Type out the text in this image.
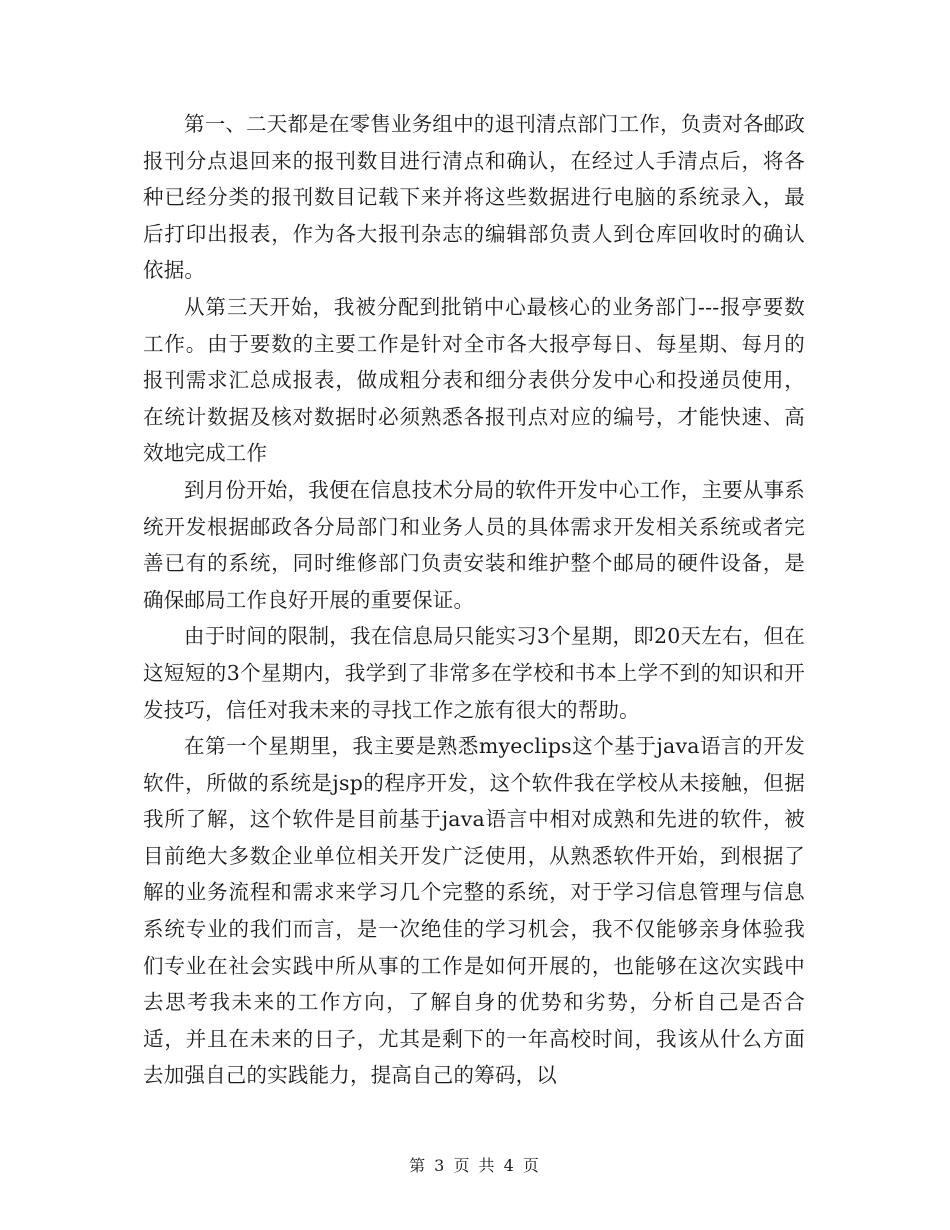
第一、二天都是在零售业务组中的退刊清点部门工作，负责对各邮政报刊分点退回来的报刊数目进行清点和确认，在经过人手清点后，将各种已经分类的报刊数目记载下来并将这些数据进行电脑的系统录入，最后打印出报表，作为各大报刊杂志的编辑部负责人到仓库回收时的确认依据。

从第三天开始，我被分配到批销中心最核心的业务部门---报亭要数工作。由于要数的主要工作是针对全市各大报亭每日、每星期、每月的报刊需求汇总成报表，做成粗分表和细分表供分发中心和投递员使用，在统计数据及核对数据时必须熟悉各报刊点对应的编号，才能快速、高效地完成工作

到月份开始，我便在信息技术分局的软件开发中心工作，主要从事系统开发根据邮政各分局部门和业务人员的具体需求开发相关系统或者完善已有的系统，同时维修部门负责安装和维护整个邮局的硬件设备，是确保邮局工作良好开展的重要保证。

由于时间的限制，我在信息局只能实习3个星期，即20天左右，但在这短短的3个星期内，我学到了非常多在学校和书本上学不到的知识和开发技巧，信任对我未来的寻找工作之旅有很大的帮助。

在第一个星期里，我主要是熟悉myeclips这个基于java语言的开发软件，所做的系统是jsp的程序开发，这个软件我在学校从未接触，但据我所了解，这个软件是目前基于java语言中相对成熟和先进的软件，被目前绝大多数企业单位相关开发广泛使用，从熟悉软件开始，到根据了解的业务流程和需求来学习几个完整的系统，对于学习信息管理与信息系统专业的我们而言，是一次绝佳的学习机会，我不仅能够亲身体验我们专业在社会实践中所从事的工作是如何开展的，也能够在这次实践中去思考我未来的工作方向，了解自身的优势和劣势，分析自己是否合适，并且在未来的日子，尤其是剩下的一年高校时间，我该从什么方面去加强自己的实践能力，提高自己的筹码，以

第 3 页 共 4 页
